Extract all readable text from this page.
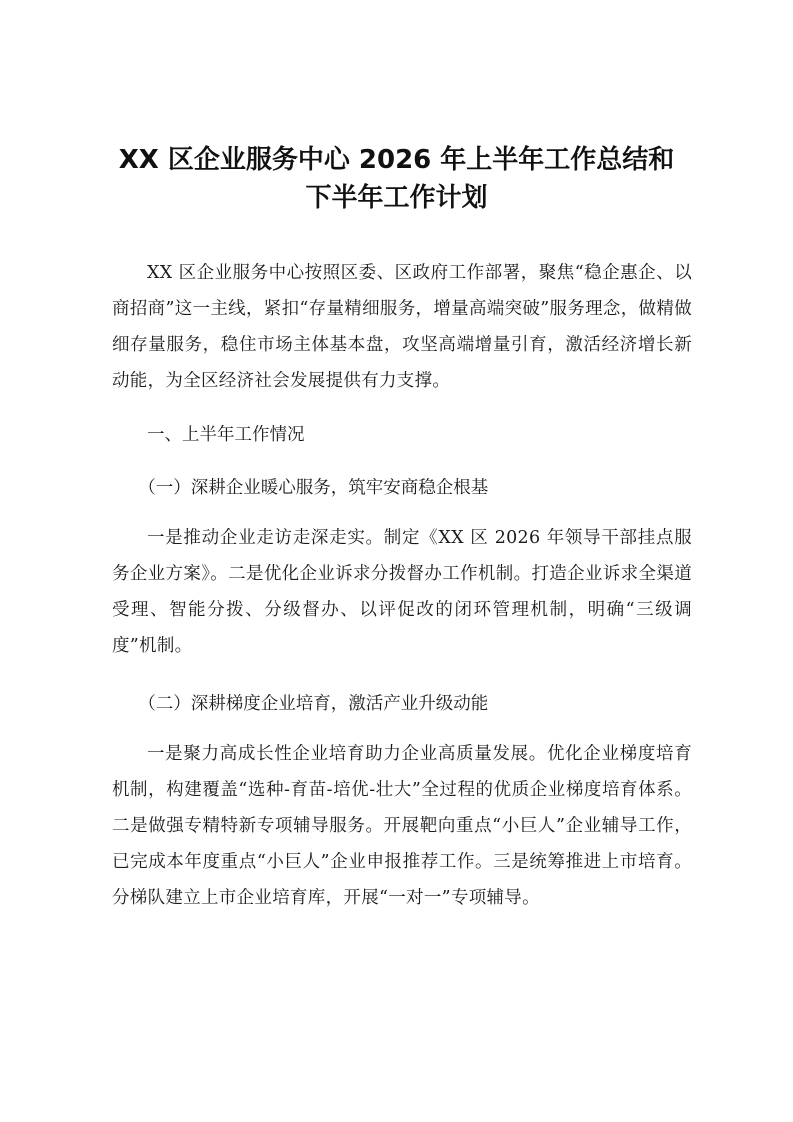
XX 区企业服务中心 2026 年上半年工作总结和
下半年工作计划

XX 区企业服务中心按照区委、区政府工作部署，聚焦“稳企惠企、以商招商”这一主线，紧扣“存量精细服务，增量高端突破”服务理念，做精做细存量服务，稳住市场主体基本盘，攻坚高端增量引育，激活经济增长新动能，为全区经济社会发展提供有力支撑。

一、上半年工作情况

（一）深耕企业暖心服务，筑牢安商稳企根基

一是推动企业走访走深走实。制定《XX 区 2026 年领导干部挂点服务企业方案》。二是优化企业诉求分拨督办工作机制。打造企业诉求全渠道受理、智能分拨、分级督办、以评促改的闭环管理机制，明确“三级调度”机制。

（二）深耕梯度企业培育，激活产业升级动能

一是聚力高成长性企业培育助力企业高质量发展。优化企业梯度培育机制，构建覆盖“选种-育苗-培优-壮大”全过程的优质企业梯度培育体系。二是做强专精特新专项辅导服务。开展靶向重点“小巨人”企业辅导工作，已完成本年度重点“小巨人”企业申报推荐工作。三是统筹推进上市培育。分梯队建立上市企业培育库，开展“一对一”专项辅导。
